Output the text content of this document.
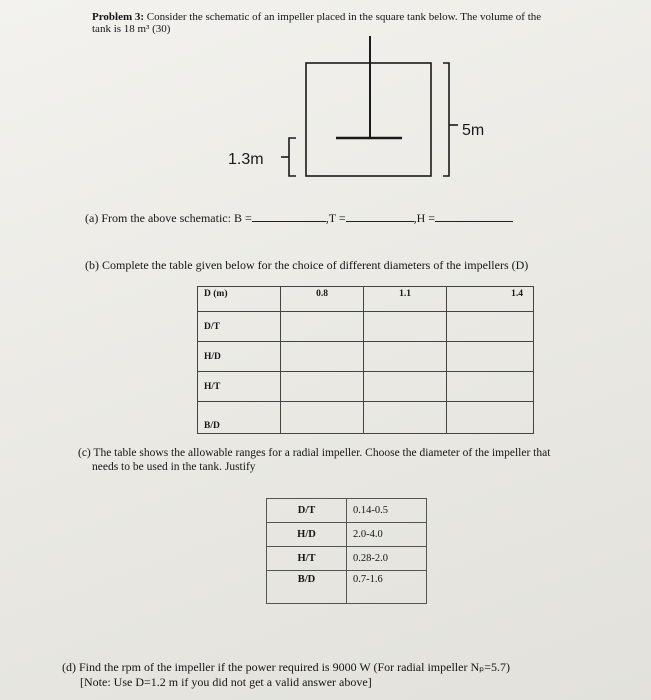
Problem 3: Consider the schematic of an impeller placed in the square tank below. The volume of the
tank is 18 m³ (30)
5m
1.3m
(a) From the above schematic: B =	,T =	,H =
(b) Complete the table given below for the choice of different diameters of the impellers (D)
D (m)	0.8	1.1	1.4
D/T			
H/D			
H/T			
B/D			
(c) The table shows the allowable ranges for a radial impeller. Choose the diameter of the impeller that
needs to be used in the tank. Justify
D/T	0.14-0.5
H/D	2.0-4.0
H/T	0.28-2.0
B/D	0.7-1.6
(d) Find the rpm of the impeller if the power required is 9000 W (For radial impeller Nₚ=5.7)
[Note: Use D=1.2 m if you did not get a valid answer above]
